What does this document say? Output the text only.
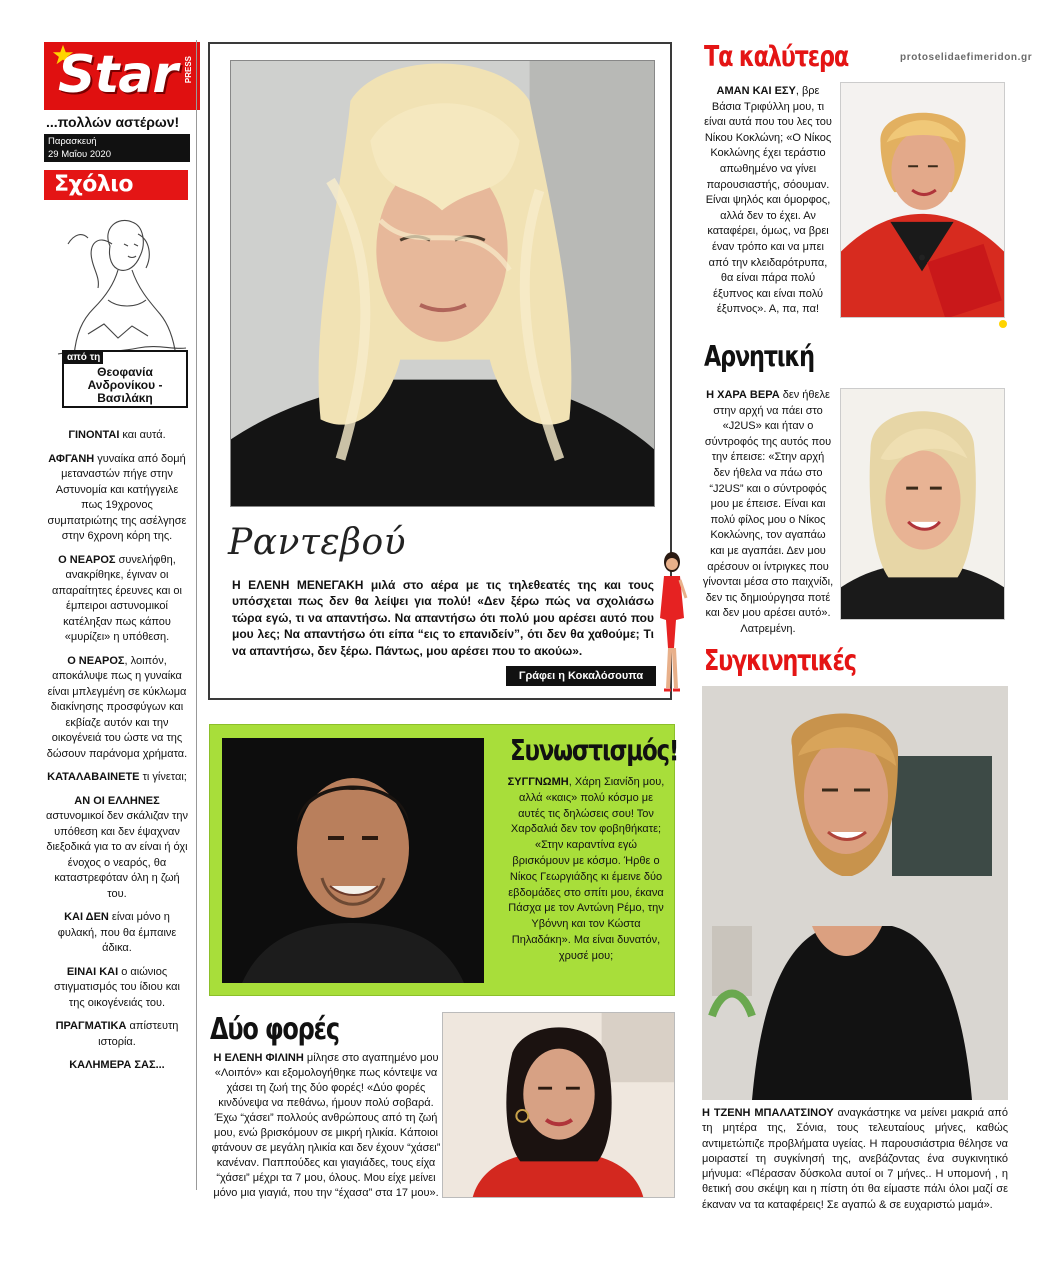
Star PRESS
...πολλών αστέρων!
Παρασκευή
29 Μαΐου 2020
Σχόλιο
από τη
Θεοφανία Ανδρονίκου - Βασιλάκη

ΓΙΝΟΝΤΑΙ και αυτά.

ΑΦΓΑΝΗ γυναίκα από δομή μεταναστών πήγε στην Αστυνομία και κατήγγειλε πως 19χρονος συμπατριώτης της ασέλγησε στην 6χρονη κόρη της.

Ο ΝΕΑΡΟΣ συνελήφθη, ανακρίθηκε, έγιναν οι απαραίτητες έρευνες και οι έμπειροι αστυνομικοί κατέληξαν πως κάπου «μυρίζει» η υπόθεση.

Ο ΝΕΑΡΟΣ, λοιπόν, αποκάλυψε πως η γυναίκα είναι μπλεγμένη σε κύκλωμα διακίνησης προσφύγων και εκβίαζε αυτόν και την οικογένειά του ώστε να της δώσουν παράνομα χρήματα.

ΚΑΤΑΛΑΒΑΙΝΕΤΕ τι γίνεται;

ΑΝ ΟΙ ΕΛΛΗΝΕΣ αστυνομικοί δεν σκάλιζαν την υπόθεση και δεν έψαχναν διεξοδικά για το αν είναι ή όχι ένοχος ο νεαρός, θα καταστρεφόταν όλη η ζωή του.

ΚΑΙ ΔΕΝ είναι μόνο η φυλακή, που θα έμπαινε άδικα.

ΕΙΝΑΙ ΚΑΙ ο αιώνιος στιγματισμός του ίδιου και της οικογένειάς του.

ΠΡΑΓΜΑΤΙΚΑ απίστευτη ιστορία.

ΚΑΛΗΜΕΡΑ ΣΑΣ...

Ραντεβού
Η ΕΛΕΝΗ ΜΕΝΕΓΑΚΗ μιλά στο αέρα με τις τηλεθεατές της και τους υπόσχεται πως δεν θα λείψει για πολύ! «Δεν ξέρω πώς να σχολιάσω τώρα εγώ, τι να απαντήσω. Να απαντήσω ότι πολύ μου αρέσει αυτό που μου λες; Να απαντήσω ότι είπα “εις το επανιδείν”, ότι δεν θα χαθούμε; Τι να απαντήσω, δεν ξέρω. Πάντως, μου αρέσει που το ακούω».
Γράφει η Κοκαλόσουπα
Συνωστισμός!
ΣΥΓΓΝΩΜΗ, Χάρη Σιανίδη μου, αλλά «καις» πολύ κόσμο με αυτές τις δηλώσεις σου! Τον Χαρδαλιά δεν τον φοβηθήκατε; «Στην καραντίνα εγώ βρισκόμουν με κόσμο. Ήρθε ο Νίκος Γεωργιάδης κι έμεινε δύο εβδομάδες στο σπίτι μου, έκανα Πάσχα με τον Αντώνη Ρέμο, την Υβόννη και τον Κώστα Πηλαδάκη». Μα είναι δυνατόν, χρυσέ μου;
Δύο φορές
Η ΕΛΕΝΗ ΦΙΛΙΝΗ μίλησε στο αγαπημένο μου «Λοιπόν» και εξομολογήθηκε πως κόντεψε να χάσει τη ζωή της δύο φορές! «Δύο φορές κινδύνεψα να πεθάνω, ήμουν πολύ σοβαρά. Έχω “χάσει” πολλούς ανθρώπους από τη ζωή μου, ενώ βρισκόμουν σε μικρή ηλικία. Κάποιοι φτάνουν σε μεγάλη ηλικία και δεν έχουν “χάσει” κανέναν. Παππούδες και γιαγιάδες, τους είχα “χάσει” μέχρι τα 7 μου, όλους. Μου είχε μείνει μόνο μια γιαγιά, που την “έχασα” στα 17 μου».
Τα καλύτερα	protoselidaefimeridon.gr
ΑΜΑΝ ΚΑΙ ΕΣΥ, βρε Βάσια Τριφύλλη μου, τι είναι αυτά που του λες του Νίκου Κοκλώνη; «Ο Νίκος Κοκλώνης έχει τεράστιο απωθημένο να γίνει παρουσιαστής, σόουμαν. Είναι ψηλός και όμορφος, αλλά δεν το έχει. Αν καταφέρει, όμως, να βρει έναν τρόπο και να μπει από την κλειδαρότρυπα, θα είναι πάρα πολύ έξυπνος και είναι πολύ έξυπνος». Α, πα, πα!
Αρνητική
Η ΧΑΡΑ ΒΕΡΑ δεν ήθελε στην αρχή να πάει στο «J2US» και ήταν ο σύντροφός της αυτός που την έπεισε: «Στην αρχή δεν ήθελα να πάω στο “J2US” και ο σύντροφός μου με έπεισε. Είναι και πολύ φίλος μου ο Νίκος Κοκλώνης, τον αγαπάω και με αγαπάει. Δεν μου αρέσουν οι ίντριγκες που γίνονται μέσα στο παιχνίδι, δεν τις δημιούργησα ποτέ και δεν μου αρέσει αυτό». Λατρεμένη.
Συγκινητικές
Η ΤΖΕΝΗ ΜΠΑΛΑΤΣΙΝΟΥ αναγκάστηκε να μείνει μακριά από τη μητέρα της, Σόνια, τους τελευταίους μήνες, καθώς αντιμετώπιζε προβλήματα υγείας. Η παρουσιάστρια θέλησε να μοιραστεί τη συγκίνησή της, ανεβάζοντας ένα συγκινητικό μήνυμα: «Πέρασαν δύσκολα αυτοί οι 7 μήνες.. Η υπομονή , η θετική σου σκέψη και η πίστη ότι θα είμαστε πάλι όλοι μαζί σε έκαναν να τα καταφέρεις! Σε αγαπώ & σε ευχαριστώ μαμά».
